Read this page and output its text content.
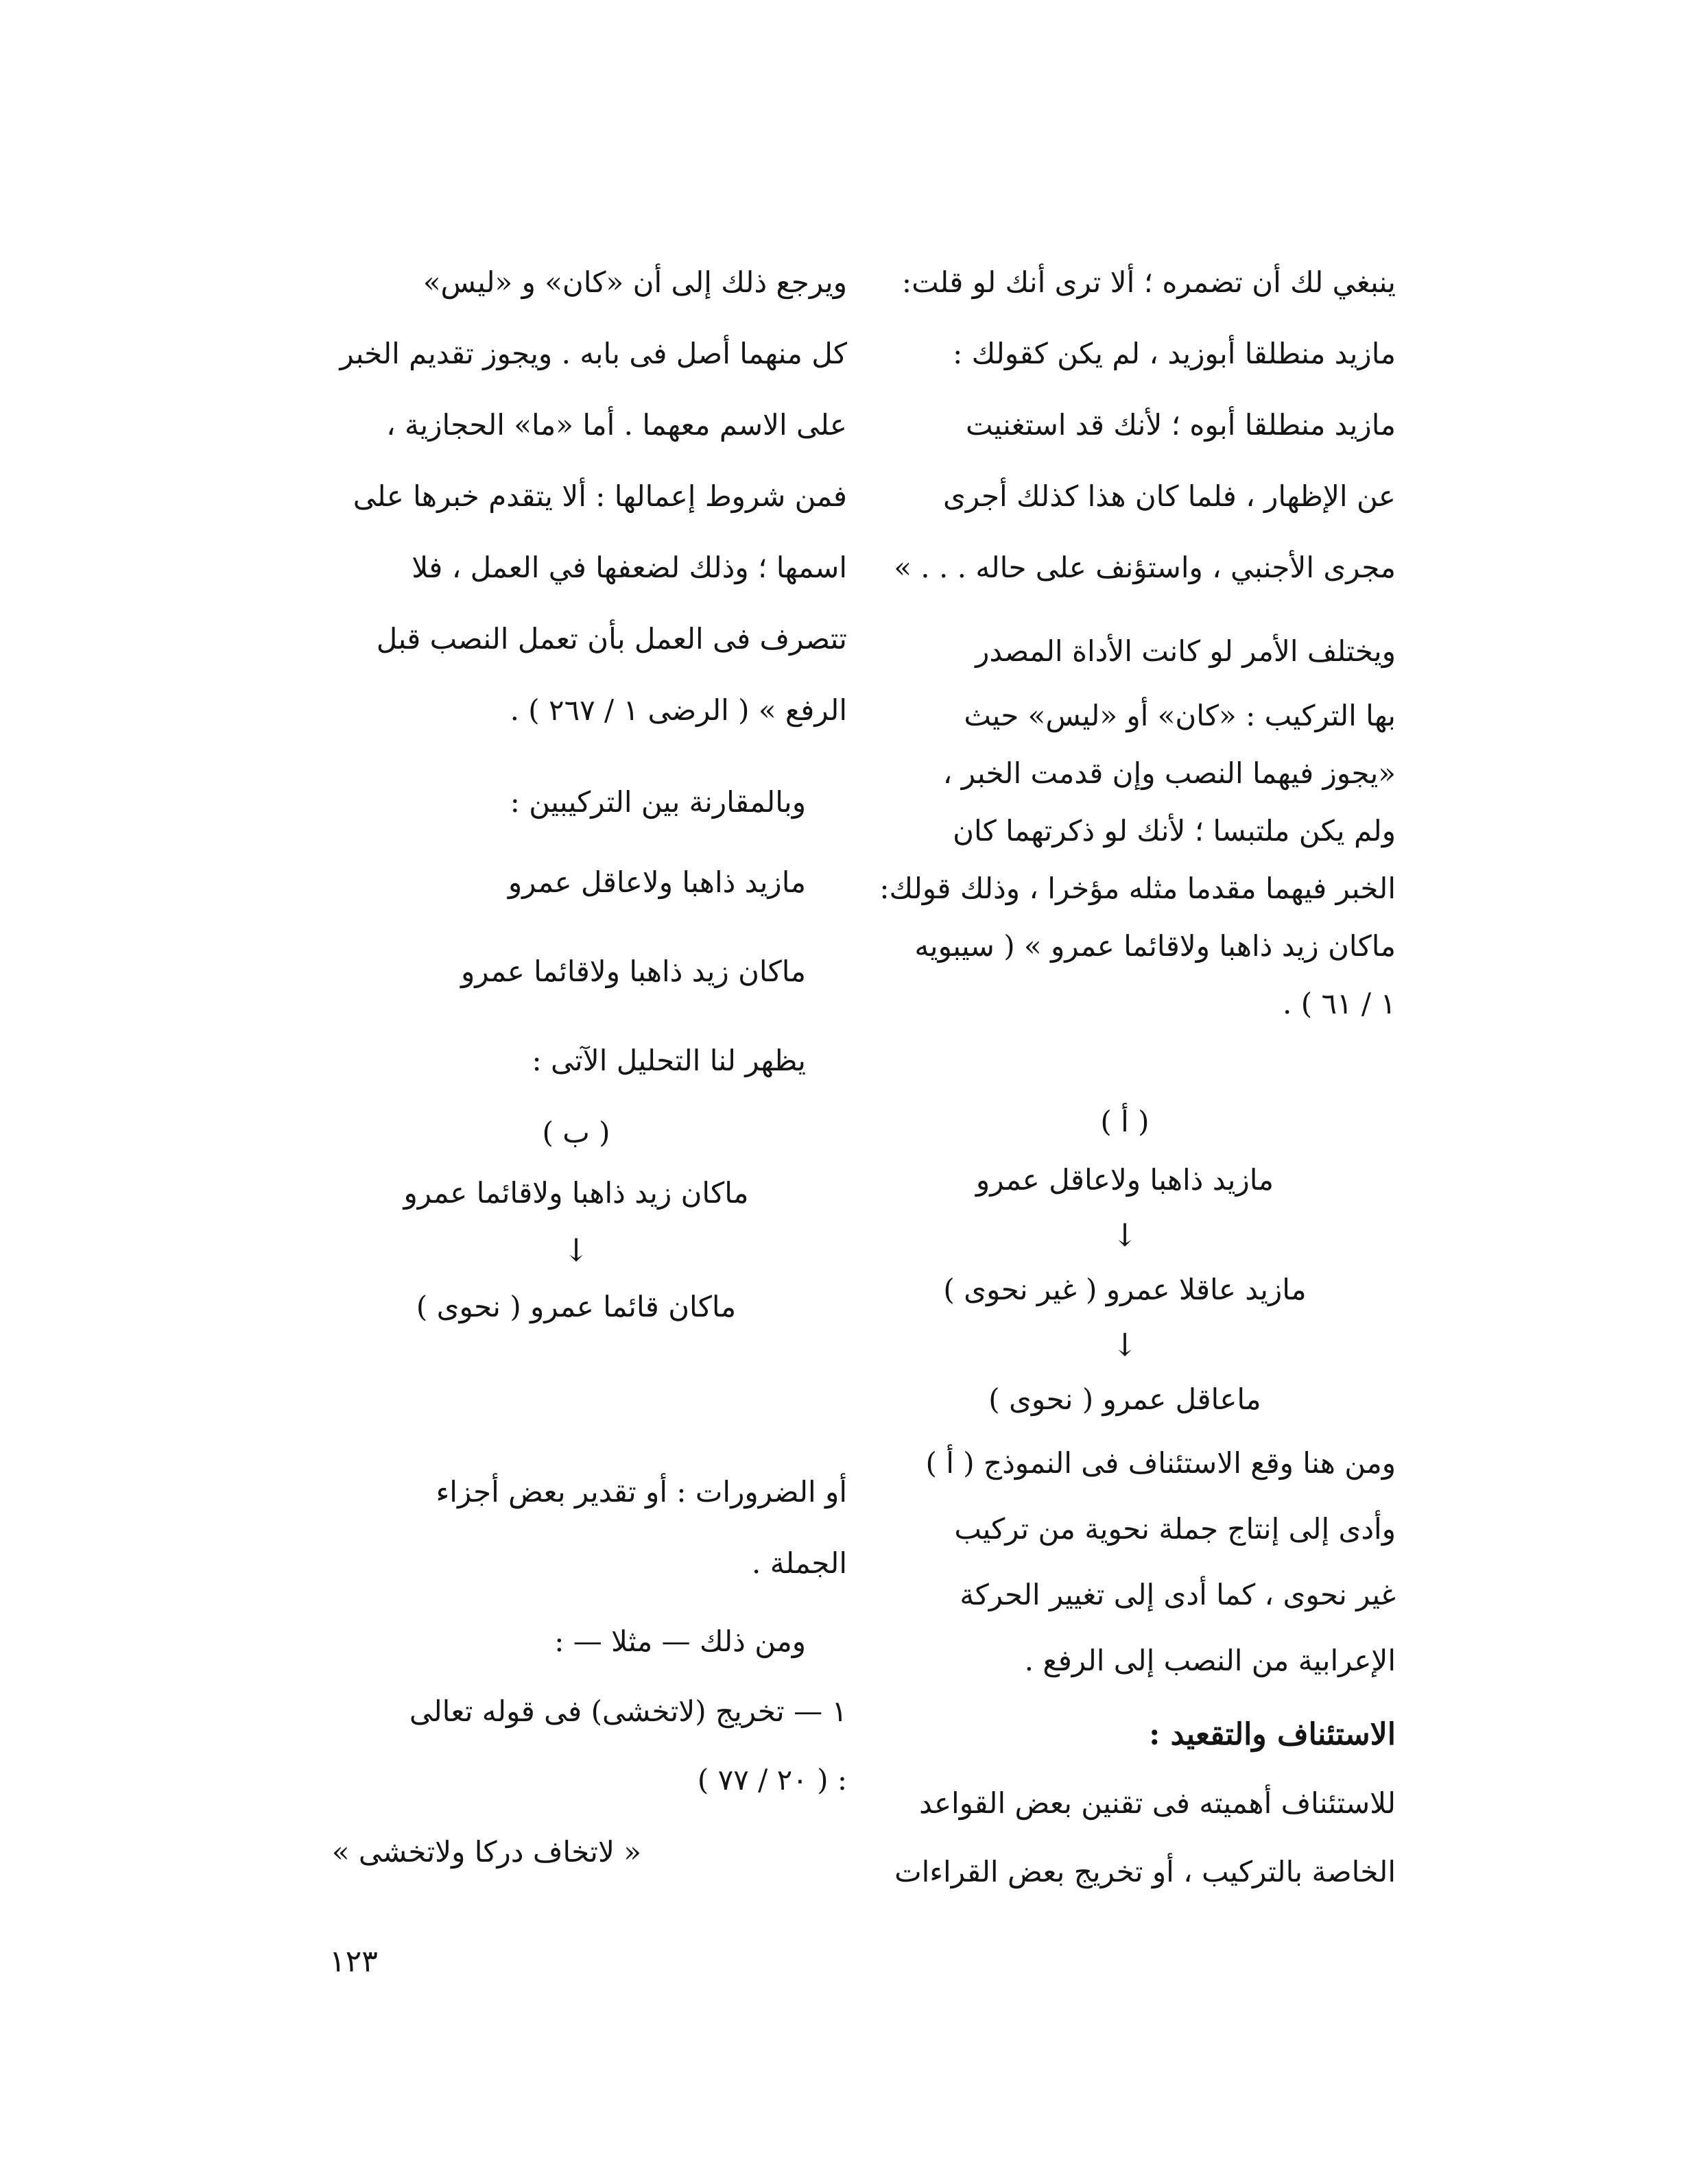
ينبغي لك أن تضمره ؛ ألا ترى أنك لو قلت:

مازيد منطلقا أبوزيد ، لم يكن كقولك :

مازيد منطلقا أبوه ؛ لأنك قد استغنيت

عن الإظهار ، فلما كان هذا كذلك أجرى

مجرى الأجنبي ، واستؤنف على حاله . . . »

ويختلف الأمر لو كانت الأداة المصدر

بها التركيب : «كان» أو «ليس» حيث

«يجوز فيهما النصب وإن قدمت الخبر ،

ولم يكن ملتبسا ؛ لأنك لو ذكرتهما كان

الخبر فيهما مقدما مثله مؤخرا ، وذلك قولك:

ماكان زيد ذاهبا ولاقائما عمرو » ( سيبويه

١ / ٦١ ) .

( أ )

مازيد ذاهبا ولاعاقل عمرو

↓

مازيد عاقلا عمرو ( غير نحوى )

↓

ماعاقل عمرو ( نحوى )

ومن هنا وقع الاستئناف فى النموذج ( أ )

وأدى إلى إنتاج جملة نحوية من تركيب

غير نحوى ، كما أدى إلى تغيير الحركة

الإعرابية من النصب إلى الرفع .

الاستئناف والتقعيد :

للاستئناف أهميته فى تقنين بعض القواعد

الخاصة بالتركيب ، أو تخريج بعض القراءات

ويرجع ذلك إلى أن «كان» و «ليس»

كل منهما أصل فى بابه . ويجوز تقديم الخبر

على الاسم معهما . أما «ما» الحجازية ،

فمن شروط إعمالها : ألا يتقدم خبرها على

اسمها ؛ وذلك لضعفها في العمل ، فلا

تتصرف فى العمل بأن تعمل النصب قبل

الرفع » ( الرضى ١ / ٢٦٧ ) .

وبالمقارنة بين التركيبين :

مازيد ذاهبا ولاعاقل عمرو

ماكان زيد ذاهبا ولاقائما عمرو

يظهر لنا التحليل الآتى :

( ب )

ماكان زيد ذاهبا ولاقائما عمرو

↓

ماكان قائما عمرو ( نحوى )

أو الضرورات : أو تقدير بعض أجزاء

الجملة .

ومن ذلك — مثلا — :

١ — تخريج (لاتخشى) فى قوله تعالى

: ( ٢٠ / ٧٧ )

« لاتخاف دركا ولاتخشى »

١٢٣
